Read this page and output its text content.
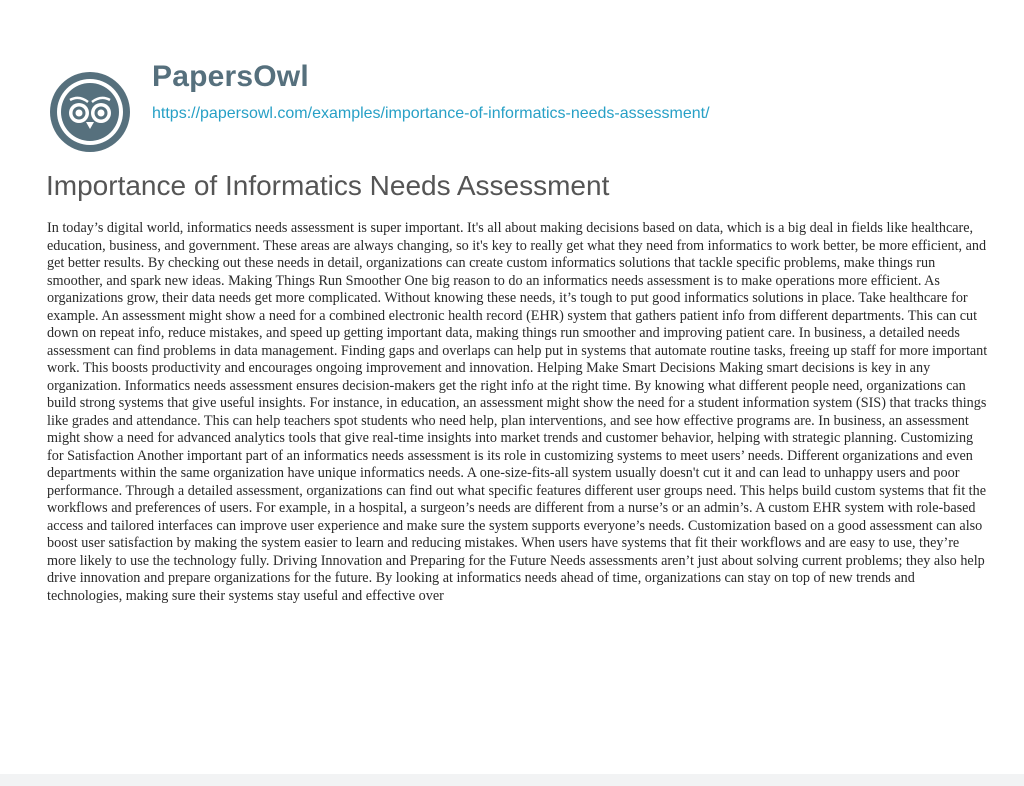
PapersOwl
https://papersowl.com/examples/importance-of-informatics-needs-assessment/
Importance of Informatics Needs Assessment

In today’s digital world, informatics needs assessment is super important. It's all about making decisions based on data, which is a big deal in fields like healthcare, education, business, and government. These areas are always changing, so it's key to really get what they need from informatics to work better, be more efficient, and get better results. By checking out these needs in detail, organizations can create custom informatics solutions that tackle specific problems, make things run smoother, and spark new ideas. Making Things Run Smoother One big reason to do an informatics needs assessment is to make operations more efficient. As organizations grow, their data needs get more complicated. Without knowing these needs, it’s tough to put good informatics solutions in place. Take healthcare for example. An assessment might show a need for a combined electronic health record (EHR) system that gathers patient info from different departments. This can cut down on repeat info, reduce mistakes, and speed up getting important data, making things run smoother and improving patient care. In business, a detailed needs assessment can find problems in data management. Finding gaps and overlaps can help put in systems that automate routine tasks, freeing up staff for more important work. This boosts productivity and encourages ongoing improvement and innovation. Helping Make Smart Decisions Making smart decisions is key in any organization. Informatics needs assessment ensures decision-makers get the right info at the right time. By knowing what different people need, organizations can build strong systems that give useful insights. For instance, in education, an assessment might show the need for a student information system (SIS) that tracks things like grades and attendance. This can help teachers spot students who need help, plan interventions, and see how effective programs are. In business, an assessment might show a need for advanced analytics tools that give real-time insights into market trends and customer behavior, helping with strategic planning. Customizing for Satisfaction Another important part of an informatics needs assessment is its role in customizing systems to meet users’ needs. Different organizations and even departments within the same organization have unique informatics needs. A one-size-fits-all system usually doesn't cut it and can lead to unhappy users and poor performance. Through a detailed assessment, organizations can find out what specific features different user groups need. This helps build custom systems that fit the workflows and preferences of users. For example, in a hospital, a surgeon’s needs are different from a nurse’s or an admin’s. A custom EHR system with role-based access and tailored interfaces can improve user experience and make sure the system supports everyone’s needs. Customization based on a good assessment can also boost user satisfaction by making the system easier to learn and reducing mistakes. When users have systems that fit their workflows and are easy to use, they’re more likely to use the technology fully. Driving Innovation and Preparing for the Future Needs assessments aren’t just about solving current problems; they also help drive innovation and prepare organizations for the future. By looking at informatics needs ahead of time, organizations can stay on top of new trends and technologies, making sure their systems stay useful and effective over
